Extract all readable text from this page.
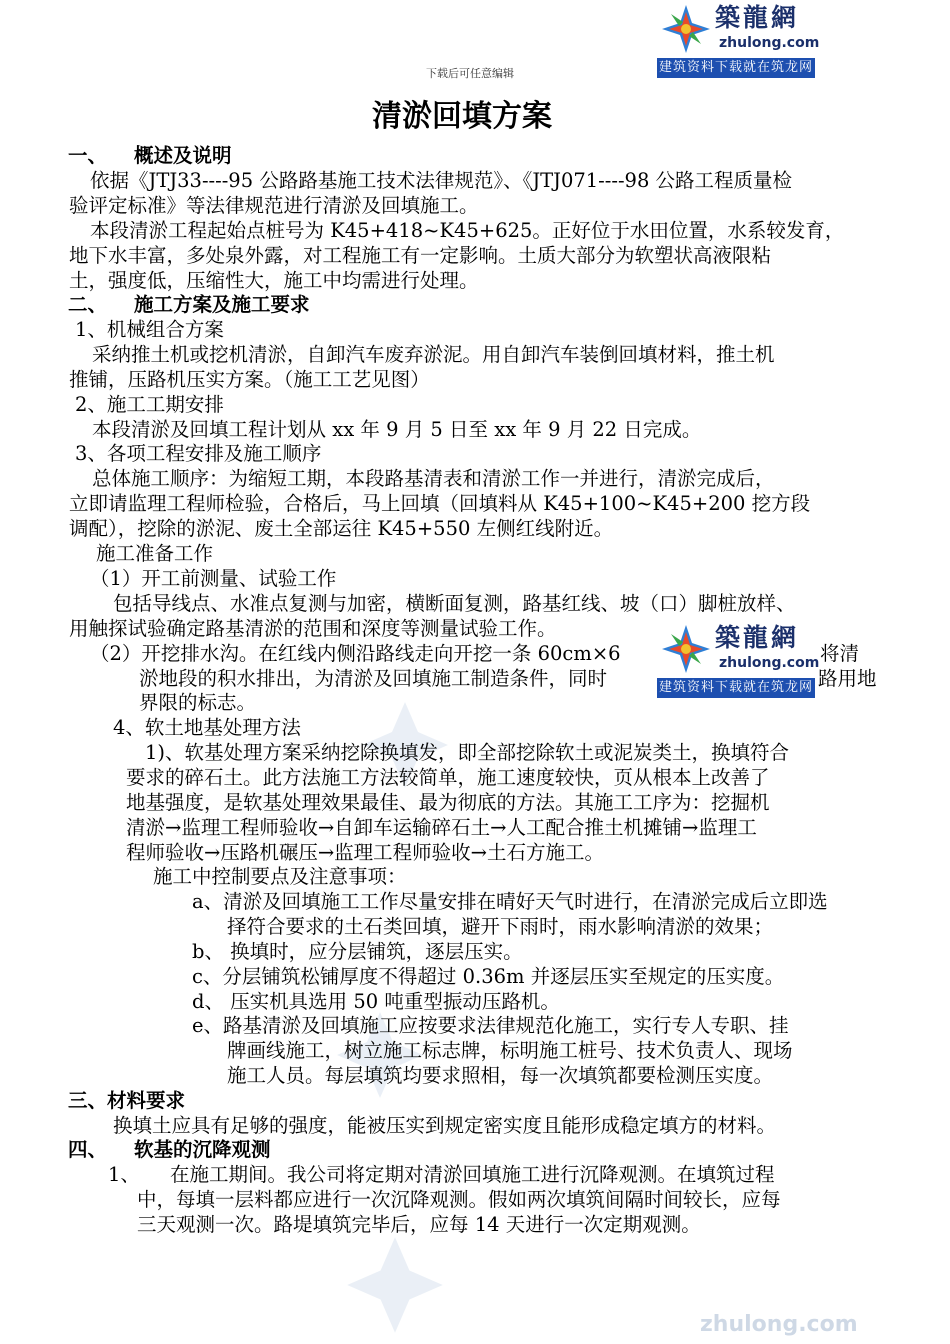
zhulong.com
下载后可任意编辑
築龍網
zhulong.com
建筑资料下载就在筑龙网
清淤回填方案
一、 概述及说明
依据《JTJ33----95 公路路基施工技术法律规范》、《JTJ071----98 公路工程质量检
验评定标准》等法律规范进行清淤及回填施工。
本段清淤工程起始点桩号为 K45+418~K45+625。正好位于水田位置，水系较发育，
地下水丰富，多处泉外露，对工程施工有一定影响。土质大部分为软塑状高液限粘
土，强度低，压缩性大，施工中均需进行处理。
二、 施工方案及施工要求
1、机械组合方案
采纳推土机或挖机清淤，自卸汽车废弃淤泥。用自卸汽车装倒回填材料，推土机
推铺，压路机压实方案。（施工工艺见图）
2、施工工期安排
本段清淤及回填工程计划从 xx 年 9 月 5 日至 xx 年 9 月 22 日完成。
3、各项工程安排及施工顺序
总体施工顺序：为缩短工期，本段路基清表和清淤工作一并进行，清淤完成后，
立即请监理工程师检验，合格后，马上回填（回填料从 K45+100~K45+200 挖方段
调配），挖除的淤泥、废土全部运往 K45+550 左侧红线附近。
施工准备工作
（1）开工前测量、试验工作
包括导线点、水准点复测与加密，横断面复测，路基红线、坡（口）脚桩放样、
用触探试验确定路基清淤的范围和深度等测量试验工作。
（2）开挖排水沟。在红线内侧沿路线走向开挖一条 60cm×6	将清
淤地段的积水排出，为清淤及回填施工制造条件，同时	路用地
界限的标志。
築龍網
zhulong.com
建筑资料下载就在筑龙网
4、软土地基处理方法
1)、软基处理方案采纳挖除换填发，即全部挖除软土或泥炭类土，换填符合
要求的碎石土。此方法施工方法较简单，施工速度较快，页从根本上改善了
地基强度，是软基处理效果最佳、最为彻底的方法。其施工工序为：挖掘机
清淤→监理工程师验收→自卸车运输碎石土→人工配合推土机摊铺→监理工
程师验收→压路机碾压→监理工程师验收→土石方施工。
施工中控制要点及注意事项：
a、清淤及回填施工工作尽量安排在晴好天气时进行，在清淤完成后立即选
择符合要求的土石类回填，避开下雨时，雨水影响清淤的效果；
b、 换填时，应分层铺筑，逐层压实。
c、分层铺筑松铺厚度不得超过 0.36m 并逐层压实至规定的压实度。
d、 压实机具选用 50 吨重型振动压路机。
e、路基清淤及回填施工应按要求法律规范化施工，实行专人专职、挂
牌画线施工，树立施工标志牌，标明施工桩号、技术负责人、现场
施工人员。每层填筑均要求照相，每一次填筑都要检测压实度。
三、材料要求
换填土应具有足够的强度，能被压实到规定密实度且能形成稳定填方的材料。
四、 软基的沉降观测
1、 在施工期间。我公司将定期对清淤回填施工进行沉降观测。在填筑过程
中，每填一层料都应进行一次沉降观测。假如两次填筑间隔时间较长，应每
三天观测一次。路堤填筑完毕后，应每 14 天进行一次定期观测。
